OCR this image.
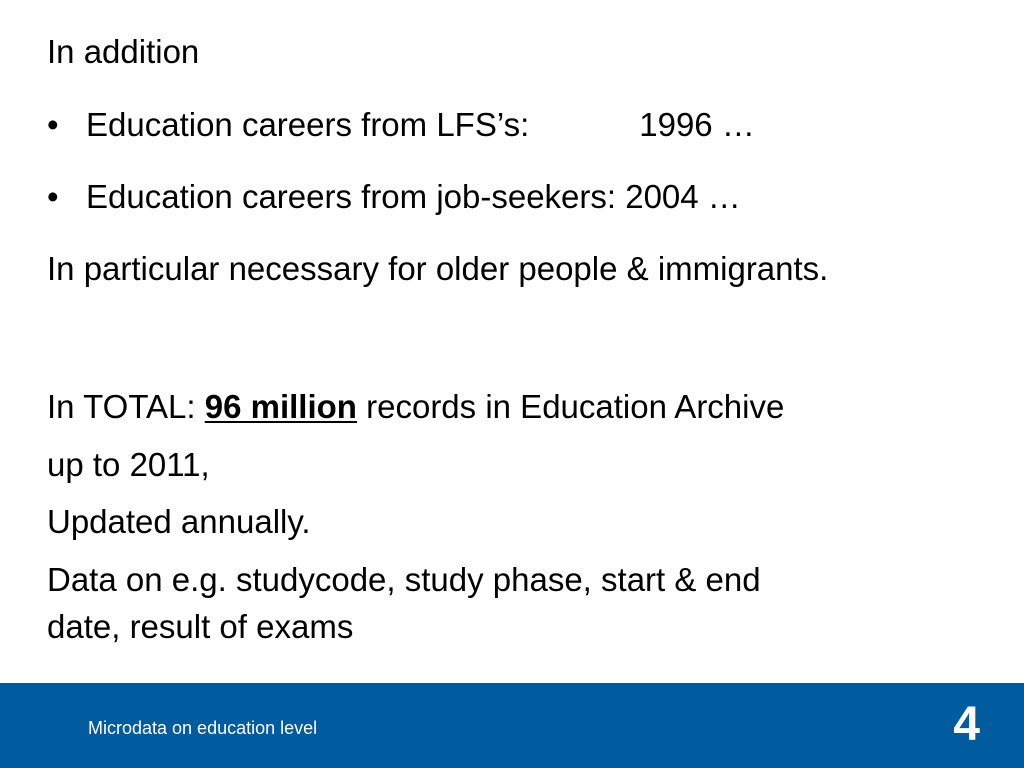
In addition
• Education careers from LFS’s:	1996 …
• Education careers from job-seekers: 2004 …
In particular necessary for older people & immigrants.
In TOTAL: 96 million records in Education Archive
up to 2011,
Updated annually.
Data on e.g. studycode, study phase, start & end
date, result of exams
Microdata on education level	4
